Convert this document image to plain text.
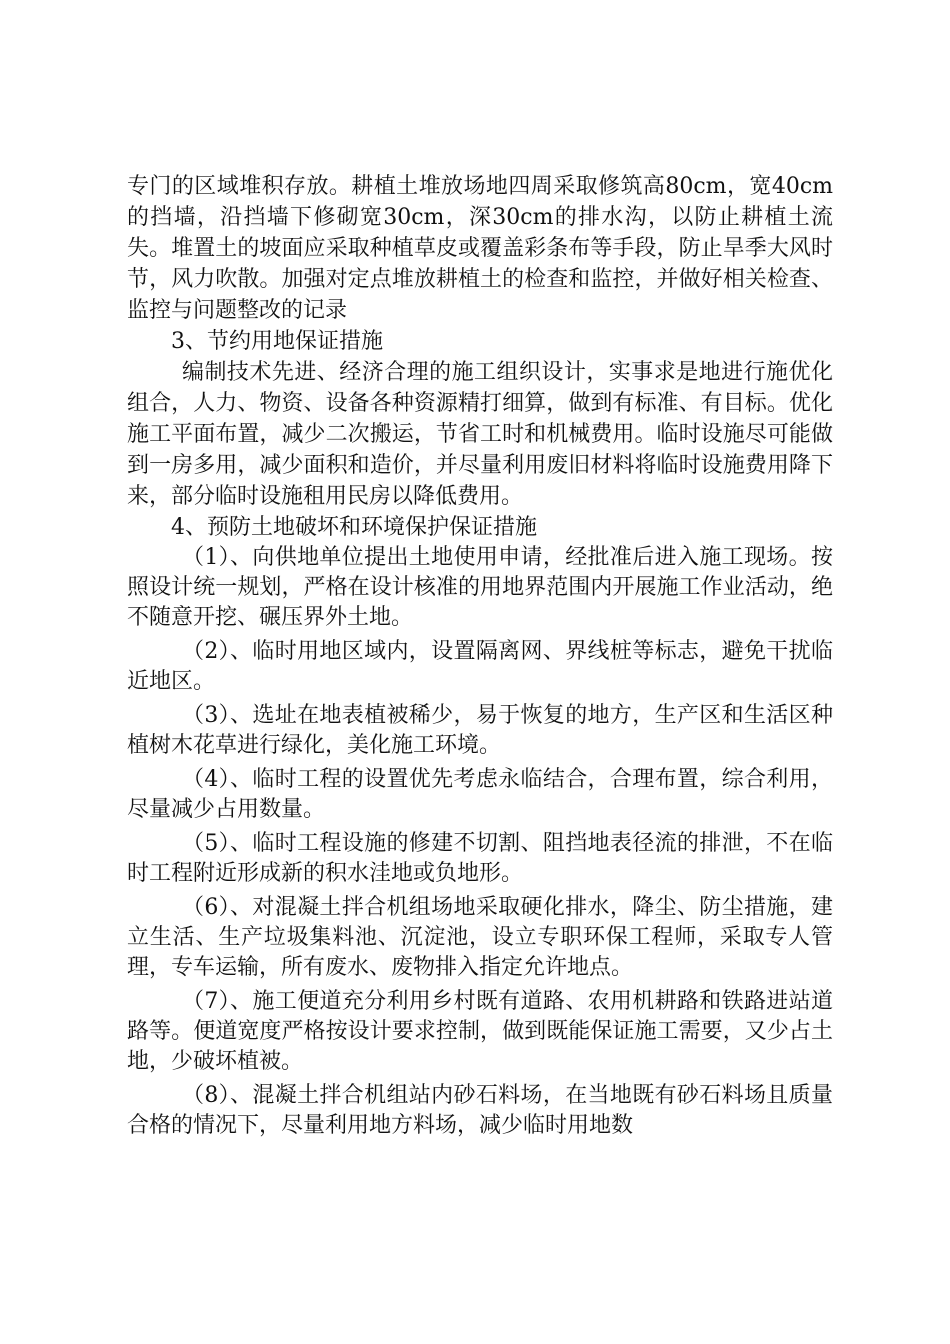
专门的区域堆积存放。耕植土堆放场地四周采取修筑高80cm，宽40cm的挡墙，沿挡墙下修砌宽30cm，深30cm的排水沟，以防止耕植土流失。堆置土的坡面应采取种植草皮或覆盖彩条布等手段，防止旱季大风时节，风力吹散。加强对定点堆放耕植土的检查和监控，并做好相关检查、监控与问题整改的记录

3、节约用地保证措施

编制技术先进、经济合理的施工组织设计，实事求是地进行施优化组合，人力、物资、设备各种资源精打细算，做到有标准、有目标。优化施工平面布置，减少二次搬运，节省工时和机械费用。临时设施尽可能做到一房多用，减少面积和造价，并尽量利用废旧材料将临时设施费用降下来，部分临时设施租用民房以降低费用。

4、预防土地破坏和环境保护保证措施

（1）、向供地单位提出土地使用申请，经批准后进入施工现场。按照设计统一规划，严格在设计核准的用地界范围内开展施工作业活动，绝不随意开挖、碾压界外土地。

（2）、临时用地区域内，设置隔离网、界线桩等标志，避免干扰临近地区。

（3）、选址在地表植被稀少，易于恢复的地方，生产区和生活区种植树木花草进行绿化，美化施工环境。

（4）、临时工程的设置优先考虑永临结合，合理布置，综合利用，尽量减少占用数量。

（5）、临时工程设施的修建不切割、阻挡地表径流的排泄，不在临时工程附近形成新的积水洼地或负地形。

（6）、对混凝土拌合机组场地采取硬化排水，降尘、防尘措施，建立生活、生产垃圾集料池、沉淀池，设立专职环保工程师，采取专人管理，专车运输，所有废水、废物排入指定允许地点。

（7）、施工便道充分利用乡村既有道路、农用机耕路和铁路进站道路等。便道宽度严格按设计要求控制，做到既能保证施工需要，又少占土地，少破坏植被。

（8）、混凝土拌合机组站内砂石料场，在当地既有砂石料场且质量合格的情况下，尽量利用地方料场，减少临时用地数
